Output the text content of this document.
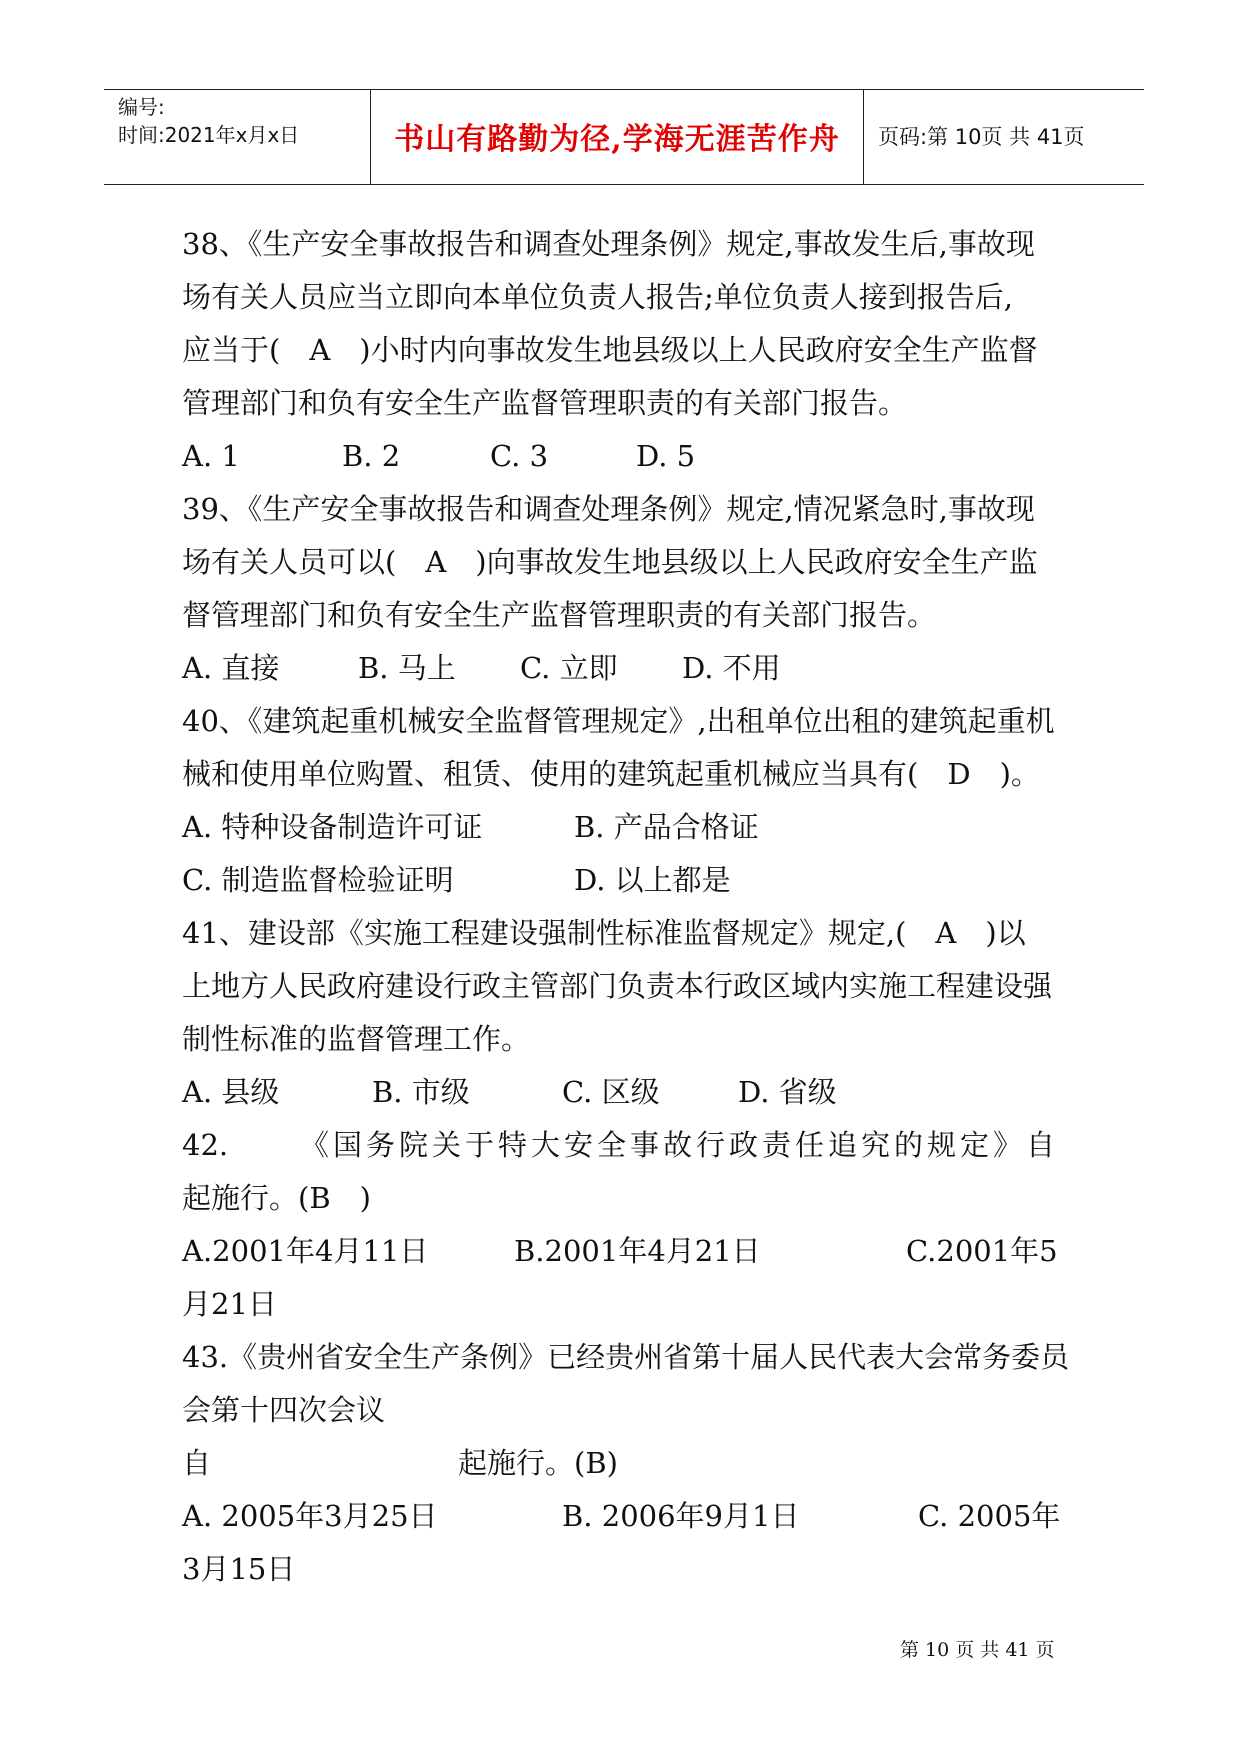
编号:
时间:2021年x月x日	书山有路勤为径,学海无涯苦作舟	页码:第 10页 共 41页
38、《生产安全事故报告和调查处理条例》规定,事故发生后,事故现
场有关人员应当立即向本单位负责人报告;单位负责人接到报告后,
应当于(　A　)小时内向事故发生地县级以上人民政府安全生产监督
管理部门和负有安全生产监督管理职责的有关部门报告。
A. 1	B. 2	C. 3	D. 5
39、《生产安全事故报告和调查处理条例》规定,情况紧急时,事故现
场有关人员可以(　A　)向事故发生地县级以上人民政府安全生产监
督管理部门和负有安全生产监督管理职责的有关部门报告。
A. 直接	B. 马上 C. 立即 D. 不用
40、《建筑起重机械安全监督管理规定》,出租单位出租的建筑起重机
械和使用单位购置、租赁、使用的建筑起重机械应当具有(　D　)。
A. 特种设备制造许可证	B. 产品合格证
C. 制造监督检验证明	D. 以上都是
41、建设部《实施工程建设强制性标准监督规定》规定,(　A　)以
上地方人民政府建设行政主管部门负责本行政区域内实施工程建设强
制性标准的监督管理工作。
A. 县级	B. 市级	C. 区级	D. 省级
42. 《国务院关于特大安全事故行政责任追究的规定》自
起施行。(B　)
A.2001年4月11日	B.2001年4月21日	C.2001年5
月21日
43.《贵州省安全生产条例》已经贵州省第十届人民代表大会常务委员
会第十四次会议
自	起施行。(B)
A. 2005年3月25日	B. 2006年9月1日	C. 2005年
3月15日
第 10 页 共 41 页
